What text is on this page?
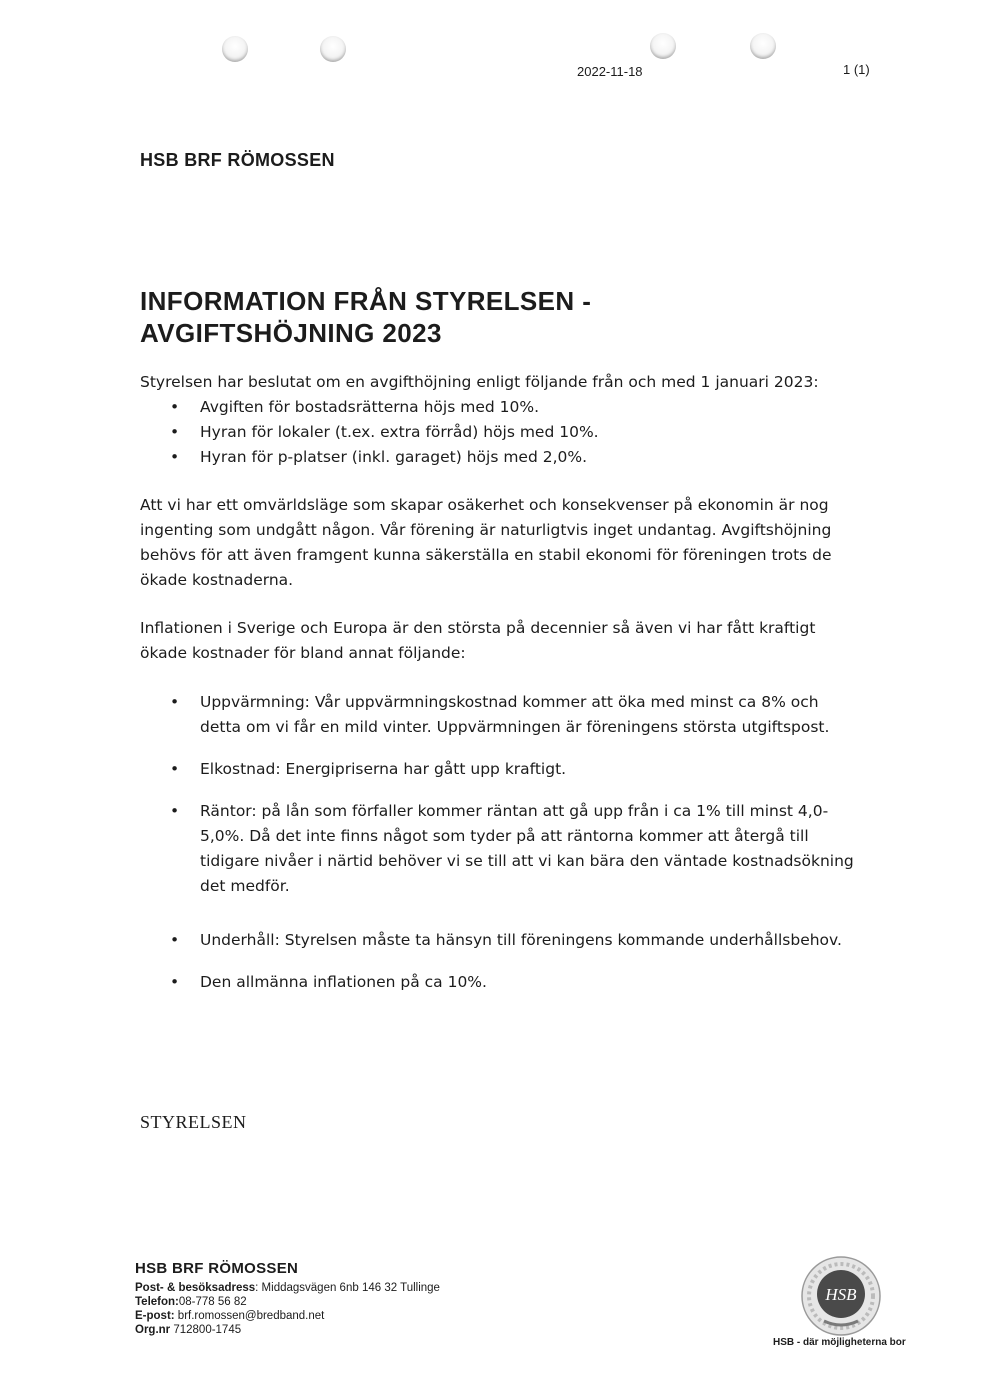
2022-11-18	1 (1)
HSB BRF RÖMOSSEN
INFORMATION FRÅN STYRELSEN -
AVGIFTSHÖJNING 2023

Styrelsen har beslutat om en avgifthöjning enligt följande från och med 1 januari 2023:

• Avgiften för bostadsrätterna höjs med 10%.
• Hyran för lokaler (t.ex. extra förråd) höjs med 10%.
• Hyran för p-platser (inkl. garaget) höjs med 2,0%.
Att vi har ett omvärldsläge som skapar osäkerhet och konsekvenser på ekonomin är nog ingenting som undgått någon. Vår förening är naturligtvis inget undantag. Avgiftshöjning behövs för att även framgent kunna säkerställa en stabil ekonomi för föreningen trots de ökade kostnaderna.
Inflationen i Sverige och Europa är den största på decennier så även vi har fått kraftigt ökade kostnader för bland annat följande:
• Uppvärmning: Vår uppvärmningskostnad kommer att öka med minst ca 8% och detta om vi får en mild vinter. Uppvärmningen är föreningens största utgiftspost.
• Elkostnad: Energipriserna har gått upp kraftigt.
• Räntor: på lån som förfaller kommer räntan att gå upp från i ca 1% till minst 4,0- 5,0%. Då det inte finns något som tyder på att räntorna kommer att återgå till tidigare nivåer i närtid behöver vi se till att vi kan bära den väntade kostnadsökning det medför.
• Underhåll: Styrelsen måste ta hänsyn till föreningens kommande underhållsbehov.
• Den allmänna inflationen på ca 10%.
STYRELSEN
HSB BRF RÖMOSSEN
Post- & besöksadress: Middagsvägen 6nb 146 32 Tullinge
Telefon:08-778 56 82
E-post: brf.romossen@bredband.net
Org.nr 712800-1745
HSB
HSB - där möjligheterna bor
